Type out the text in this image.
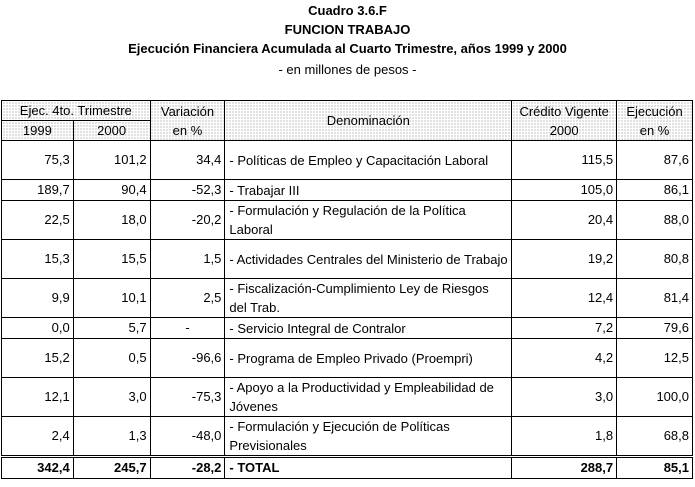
Cuadro 3.6.F
FUNCION TRABAJO
Ejecución Financiera Acumulada al Cuarto Trimestre, años 1999 y 2000
- en millones de pesos -
Ejec. 4to. Trimestre		Variación en %	Denominación	Crédito Vigente 2000	Ejecución en %
1999	2000				
75,3	101,2	34,4	- Políticas de Empleo y Capacitación Laboral	115,5	87,6
189,7	90,4	-52,3	- Trabajar III	105,0	86,1
22,5	18,0	-20,2	- Formulación y Regulación de la Política Laboral	20,4	88,0
15,3	15,5	1,5	- Actividades Centrales del Ministerio de Trabajo	19,2	80,8
9,9	10,1	2,5	- Fiscalización-Cumplimiento Ley de Riesgos del Trab.	12,4	81,4
0,0	5,7	-	- Servicio Integral de Contralor	7,2	79,6
15,2	0,5	-96,6	- Programa de Empleo Privado (Proempri)	4,2	12,5
12,1	3,0	-75,3	- Apoyo a la Productividad y Empleabilidad de Jóvenes	3,0	100,0
2,4	1,3	-48,0	- Formulación y Ejecución de Políticas Previsionales	1,8	68,8
342,4	245,7	-28,2	- TOTAL	288,7	85,1
